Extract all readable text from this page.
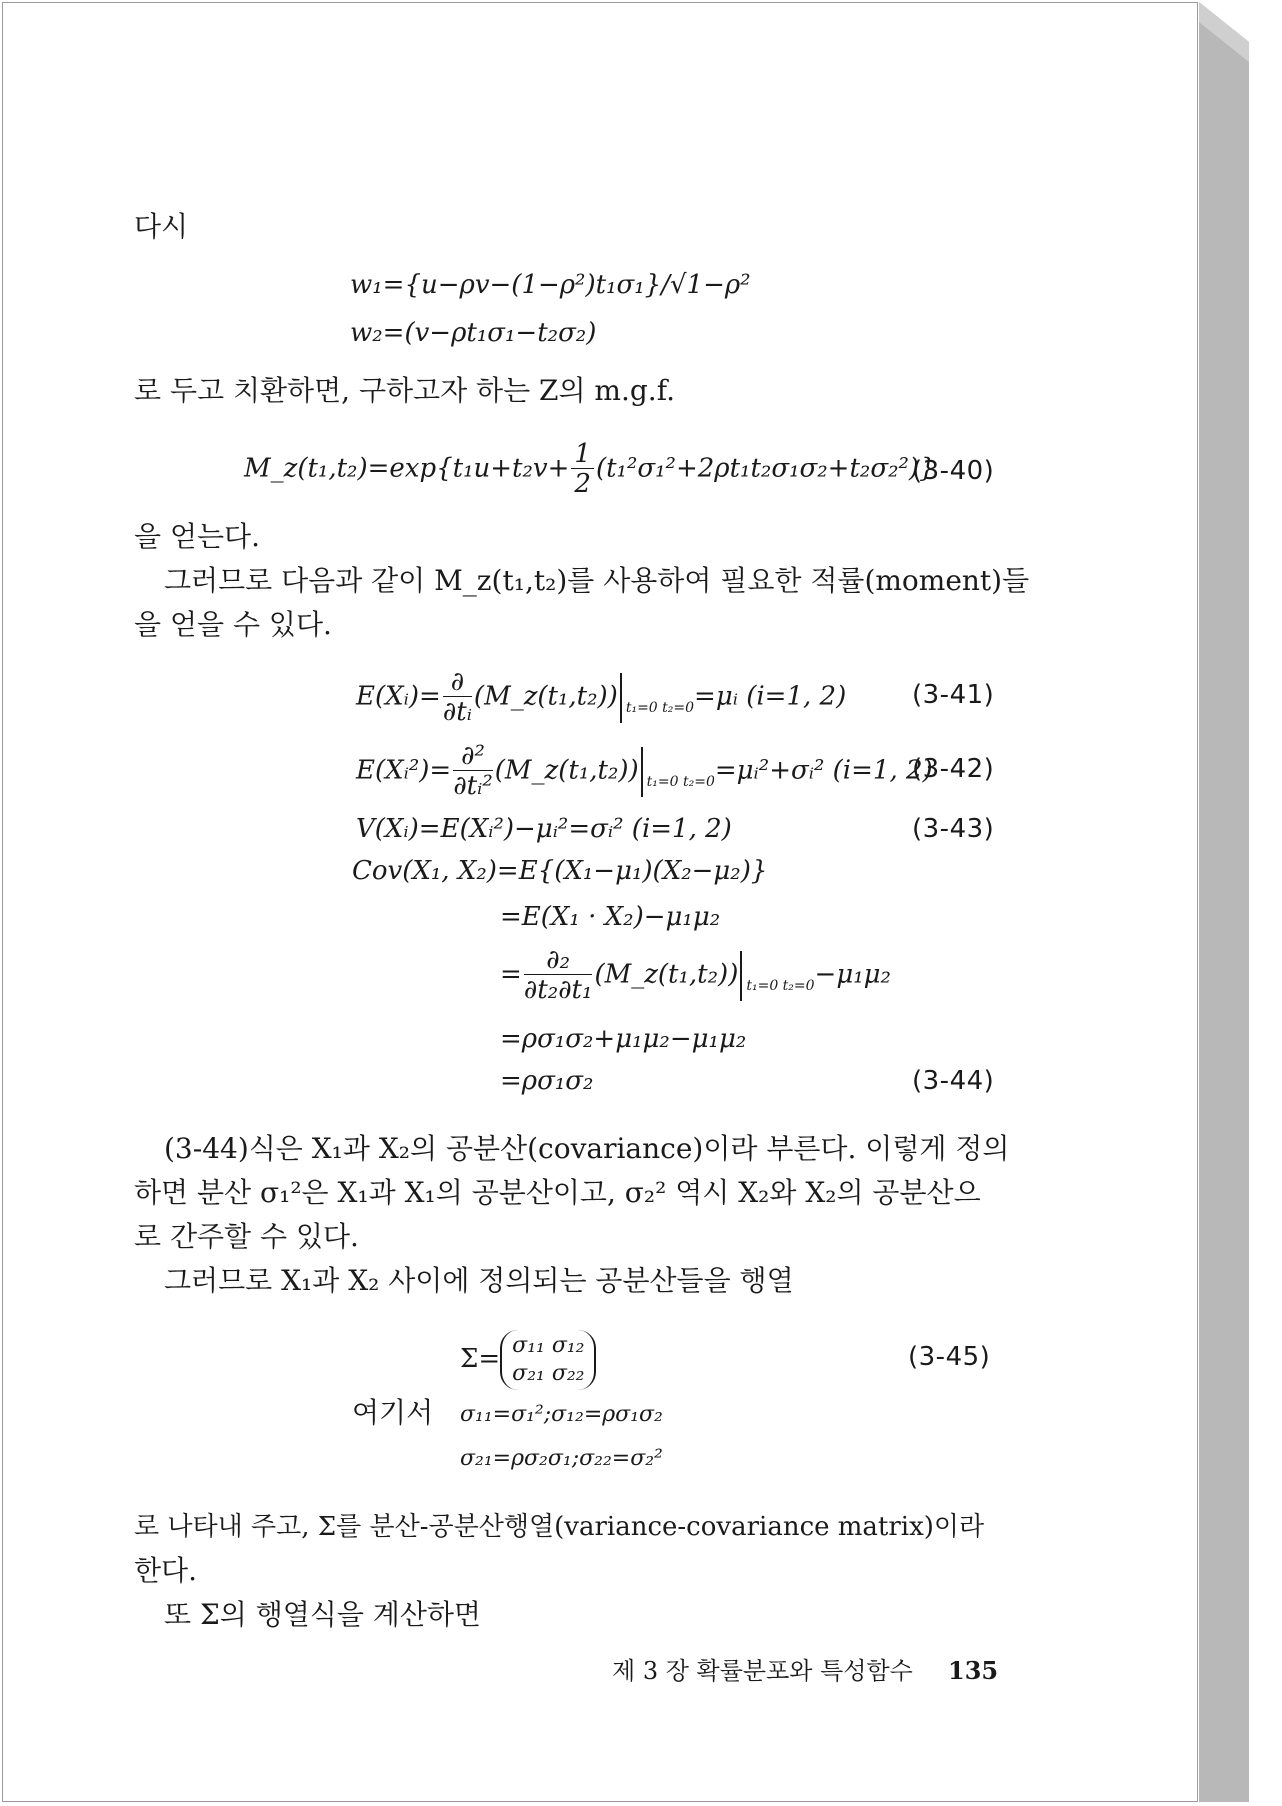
다시
w₁={u−ρv−(1−ρ²)t₁σ₁}/√1−ρ²
w₂=(v−ρt₁σ₁−t₂σ₂)
로 두고 치환하면, 구하고자 하는 Z의 m.g.f.
M_z(t₁,t₂)=exp{t₁u+t₂v+ $\frac{1}{2} (t_1^2\sigma_1^2+2\rho t_1t_2\sigma_1\sigma_2+t_2\sigma_2^2)$}
(3-40)
을 얻는다.
그러므로 다음과 같이 M_z(t₁,t₂)를 사용하여 필요한 적률(moment)들
을 얻을 수 있다.
E(Xᵢ)= $\frac{\partial}{\text{∂tᵢ}}$ (M_z(t₁,t₂)) t₁=0 t₂=0=μᵢ (i=1, 2)	(3-41)
E(Xᵢ²)= $\frac{\text{∂²}}{\text{∂tᵢ²}}$ (M_z(t₁,t₂)) t₁=0 t₂=0=μᵢ²+σᵢ² (i=1, 2)
(3-42)
V(Xᵢ)=E(Xᵢ²)−μᵢ²=σᵢ² (i=1, 2)	(3-43)
Cov(X₁, X₂)=E{(X₁−μ₁)(X₂−μ₂)}
=E(X₁ · X₂)−μ₁μ₂
= $\frac{\text{∂₂}}{\text{∂t₂∂t₁}}$ (M_z(t₁,t₂)) t₁=0 t₂=0−μ₁μ₂
=ρσ₁σ₂+μ₁μ₂−μ₁μ₂
=ρσ₁σ₂	(3-44)
(3-44)식은 X₁과 X₂의 공분산(covariance)이라 부른다. 이렇게 정의
하면 분산 σ₁²은 X₁과 X₁의 공분산이고, σ₂² 역시 X₂와 X₂의 공분산으
로 간주할 수 있다.
그러므로 X₁과 X₂ 사이에 정의되는 공분산들을 행열
Σ= σ₁₁ σ₁₂
σ₂₁ σ₂₂
(3-45)
여기서 σ₁₁=σ₁²;σ₁₂=ρσ₁σ₂
σ₂₁=ρσ₂σ₁;σ₂₂=σ₂²
로 나타내 주고, Σ를 분산-공분산행열(variance-covariance matrix)이라
한다.
또 Σ의 행열식을 계산하면
제 3 장 확률분포와 특성함수 135
